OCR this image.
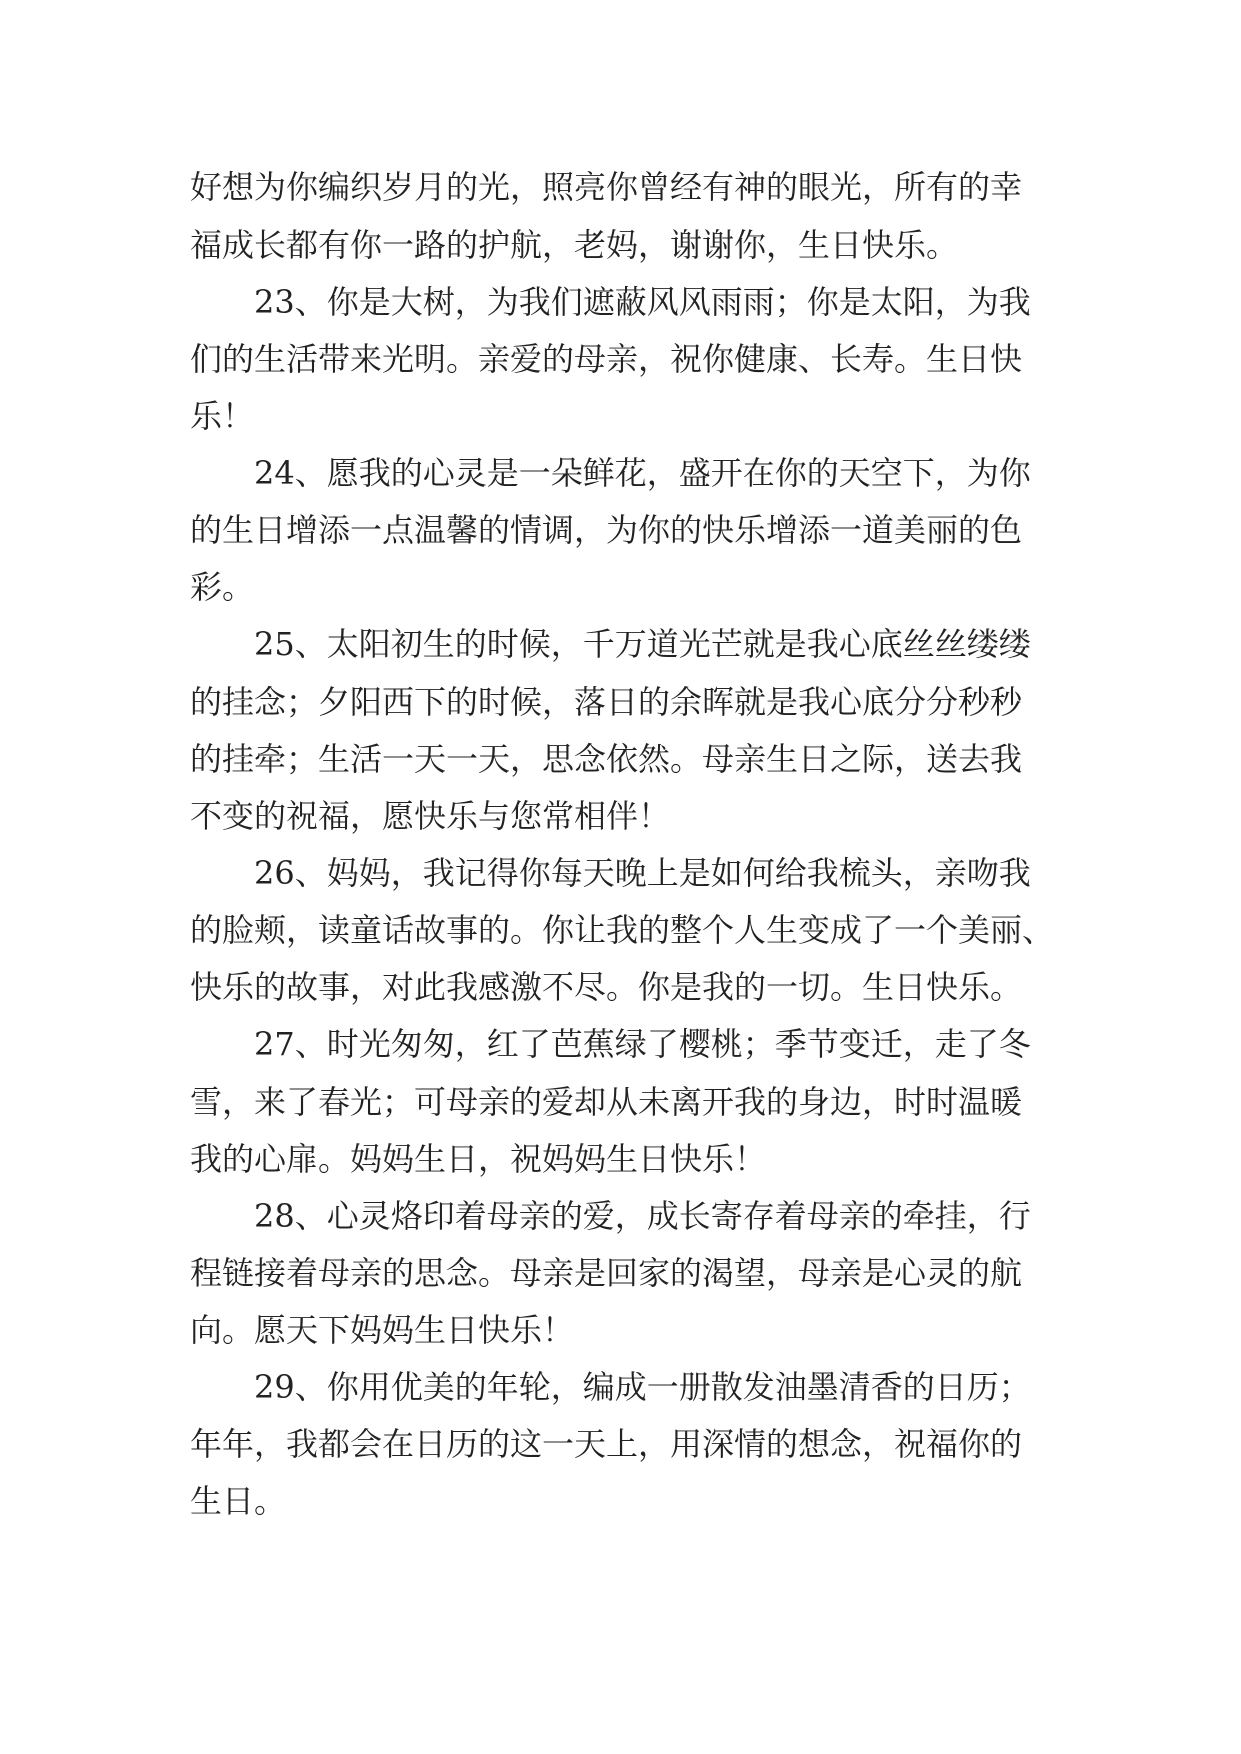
好想为你编织岁月的光，照亮你曾经有神的眼光，所有的幸

福成长都有你一路的护航，老妈，谢谢你，生日快乐。

23、你是大树，为我们遮蔽风风雨雨；你是太阳，为我

们的生活带来光明。亲爱的母亲，祝你健康、长寿。生日快

乐！

24、愿我的心灵是一朵鲜花，盛开在你的天空下，为你

的生日增添一点温馨的情调，为你的快乐增添一道美丽的色

彩。

25、太阳初生的时候，千万道光芒就是我心底丝丝缕缕

的挂念；夕阳西下的时候，落日的余晖就是我心底分分秒秒

的挂牵；生活一天一天，思念依然。母亲生日之际，送去我

不变的祝福，愿快乐与您常相伴！

26、妈妈，我记得你每天晚上是如何给我梳头，亲吻我

的脸颊，读童话故事的。你让我的整个人生变成了一个美丽、

快乐的故事，对此我感激不尽。你是我的一切。生日快乐。

27、时光匆匆，红了芭蕉绿了樱桃；季节变迁，走了冬

雪，来了春光；可母亲的爱却从未离开我的身边，时时温暖

我的心扉。妈妈生日，祝妈妈生日快乐！

28、心灵烙印着母亲的爱，成长寄存着母亲的牵挂，行

程链接着母亲的思念。母亲是回家的渴望，母亲是心灵的航

向。愿天下妈妈生日快乐！

29、你用优美的年轮，编成一册散发油墨清香的日历；

年年，我都会在日历的这一天上，用深情的想念，祝福你的

生日。
